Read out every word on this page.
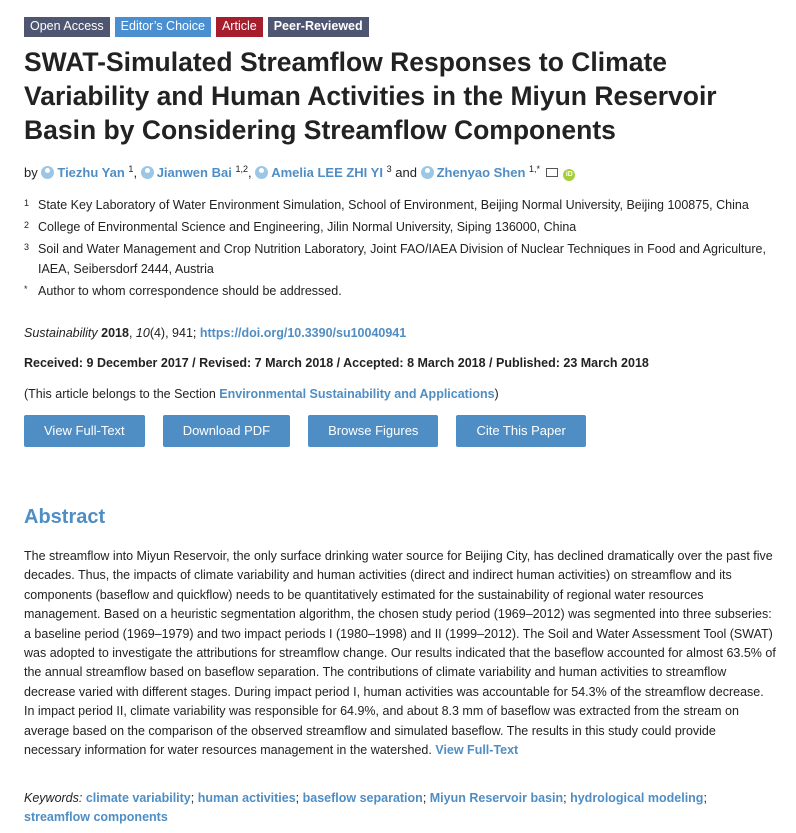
Open Access	Editor’s Choice	Article	Peer-Reviewed
SWAT-Simulated Streamflow Responses to Climate Variability and Human Activities in the Miyun Reservoir Basin by Considering Streamflow Components
by Tiezhu Yan $^1$, Jianwen Bai $^{1,2}$, Amelia LEE ZHI YI $^3$ and Zhenyao Shen $^{1,*}$  iD
1 State Key Laboratory of Water Environment Simulation, School of Environment, Beijing Normal University, Beijing 100875, China
2 College of Environmental Science and Engineering, Jilin Normal University, Siping 136000, China
3 Soil and Water Management and Crop Nutrition Laboratory, Joint FAO/IAEA Division of Nuclear Techniques in Food and Agriculture, IAEA, Seibersdorf 2444, Austria
* Author to whom correspondence should be addressed.
Sustainability 2018, 10(4), 941; https://doi.org/10.3390/su10040941
Received: 9 December 2017 / Revised: 7 March 2018 / Accepted: 8 March 2018 / Published: 23 March 2018
(This article belongs to the Section Environmental Sustainability and Applications)
View Full-Text	Download PDF	Browse Figures	Cite This Paper
Abstract

The streamflow into Miyun Reservoir, the only surface drinking water source for Beijing City, has declined dramatically over the past five decades. Thus, the impacts of climate variability and human activities (direct and indirect human activities) on streamflow and its components (baseflow and quickflow) needs to be quantitatively estimated for the sustainability of regional water resources management. Based on a heuristic segmentation algorithm, the chosen study period (1969–2012) was segmented into three subseries: a baseline period (1969–1979) and two impact periods I (1980–1998) and II (1999–2012). The Soil and Water Assessment Tool (SWAT) was adopted to investigate the attributions for streamflow change. Our results indicated that the baseflow accounted for almost 63.5% of the annual streamflow based on baseflow separation. The contributions of climate variability and human activities to streamflow decrease varied with different stages. During impact period I, human activities was accountable for 54.3% of the streamflow decrease. In impact period II, climate variability was responsible for 64.9%, and about 8.3 mm of baseflow was extracted from the stream on average based on the comparison of the observed streamflow and simulated baseflow. The results in this study could provide necessary information for water resources management in the watershed. View Full-Text

Keywords: climate variability; human activities; baseflow separation; Miyun Reservoir basin; hydrological modeling; streamflow components
